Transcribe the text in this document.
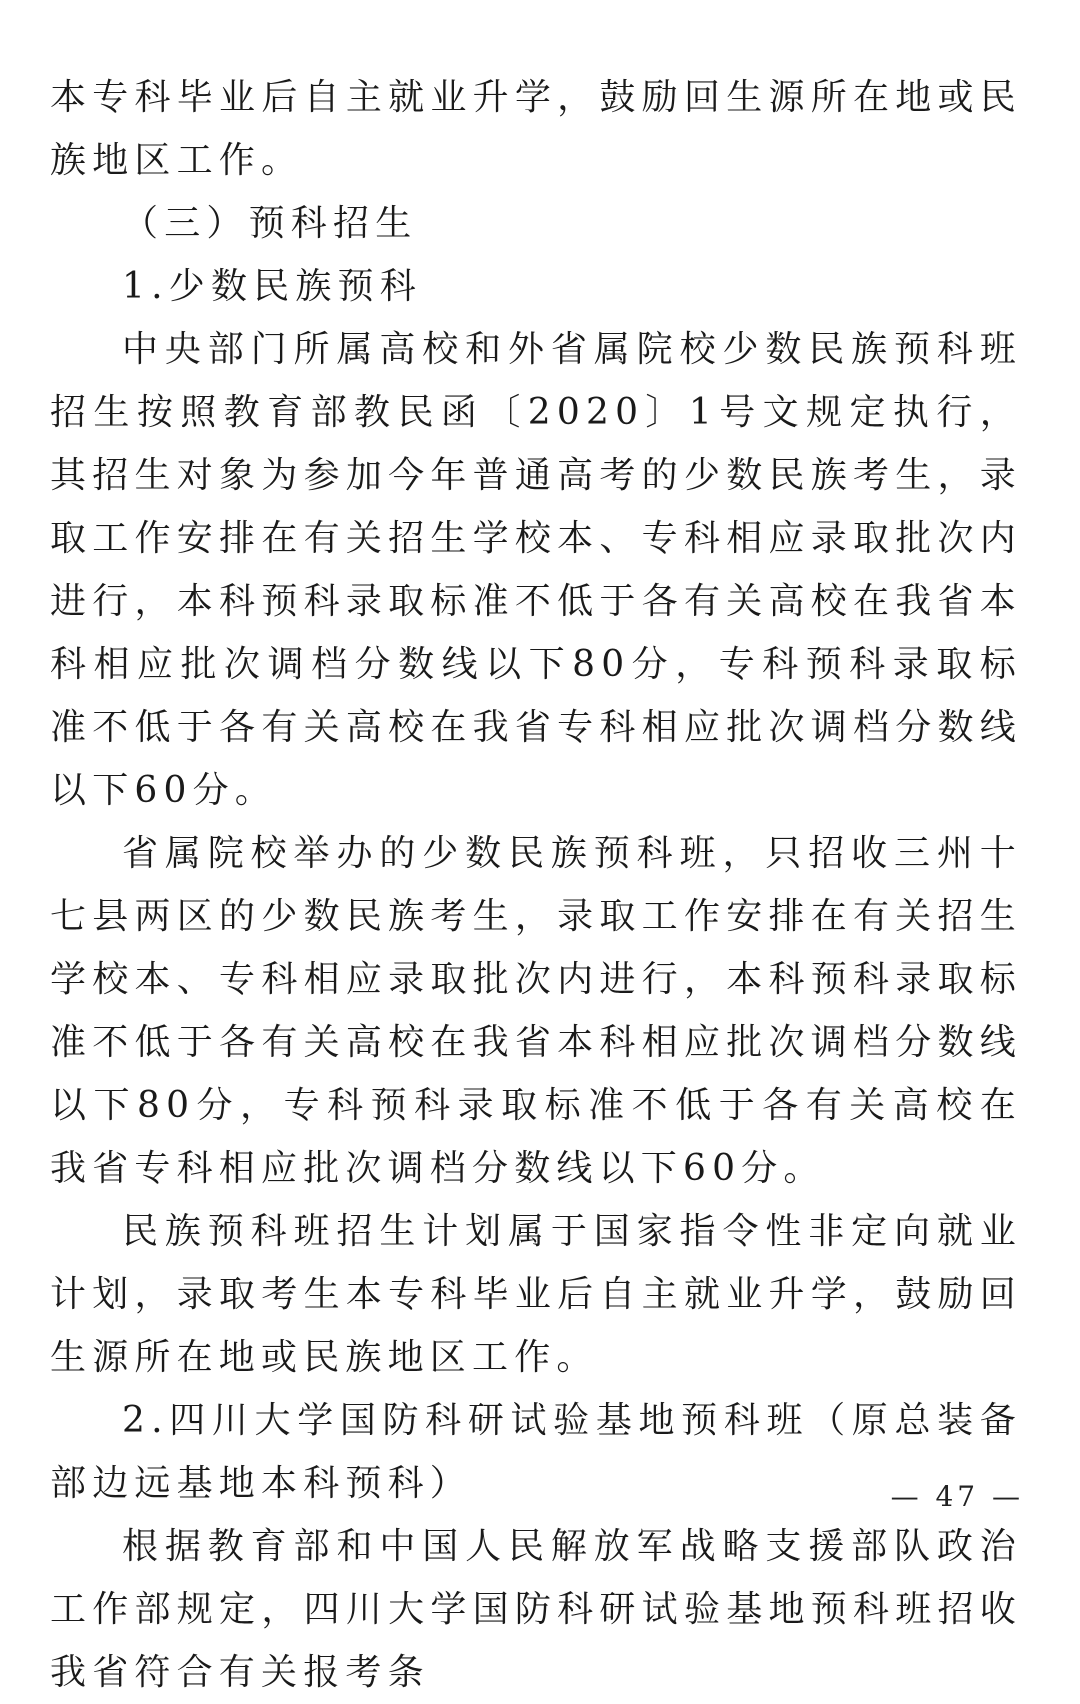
本专科毕业后自主就业升学，鼓励回生源所在地或民族地区工作。

（三）预科招生

1.少数民族预科

中央部门所属高校和外省属院校少数民族预科班招生按照教育部教民函〔2020〕1号文规定执行，其招生对象为参加今年普通高考的少数民族考生，录取工作安排在有关招生学校本、专科相应录取批次内进行，本科预科录取标准不低于各有关高校在我省本科相应批次调档分数线以下80分，专科预科录取标准不低于各有关高校在我省专科相应批次调档分数线以下60分。

省属院校举办的少数民族预科班，只招收三州十七县两区的少数民族考生，录取工作安排在有关招生学校本、专科相应录取批次内进行，本科预科录取标准不低于各有关高校在我省本科相应批次调档分数线以下80分，专科预科录取标准不低于各有关高校在我省专科相应批次调档分数线以下60分。

民族预科班招生计划属于国家指令性非定向就业计划，录取考生本专科毕业后自主就业升学，鼓励回生源所在地或民族地区工作。

2.四川大学国防科研试验基地预科班（原总装备部边远基地本科预科）

根据教育部和中国人民解放军战略支援部队政治工作部规定，四川大学国防科研试验基地预科班招收我省符合有关报考条

— 47 —
